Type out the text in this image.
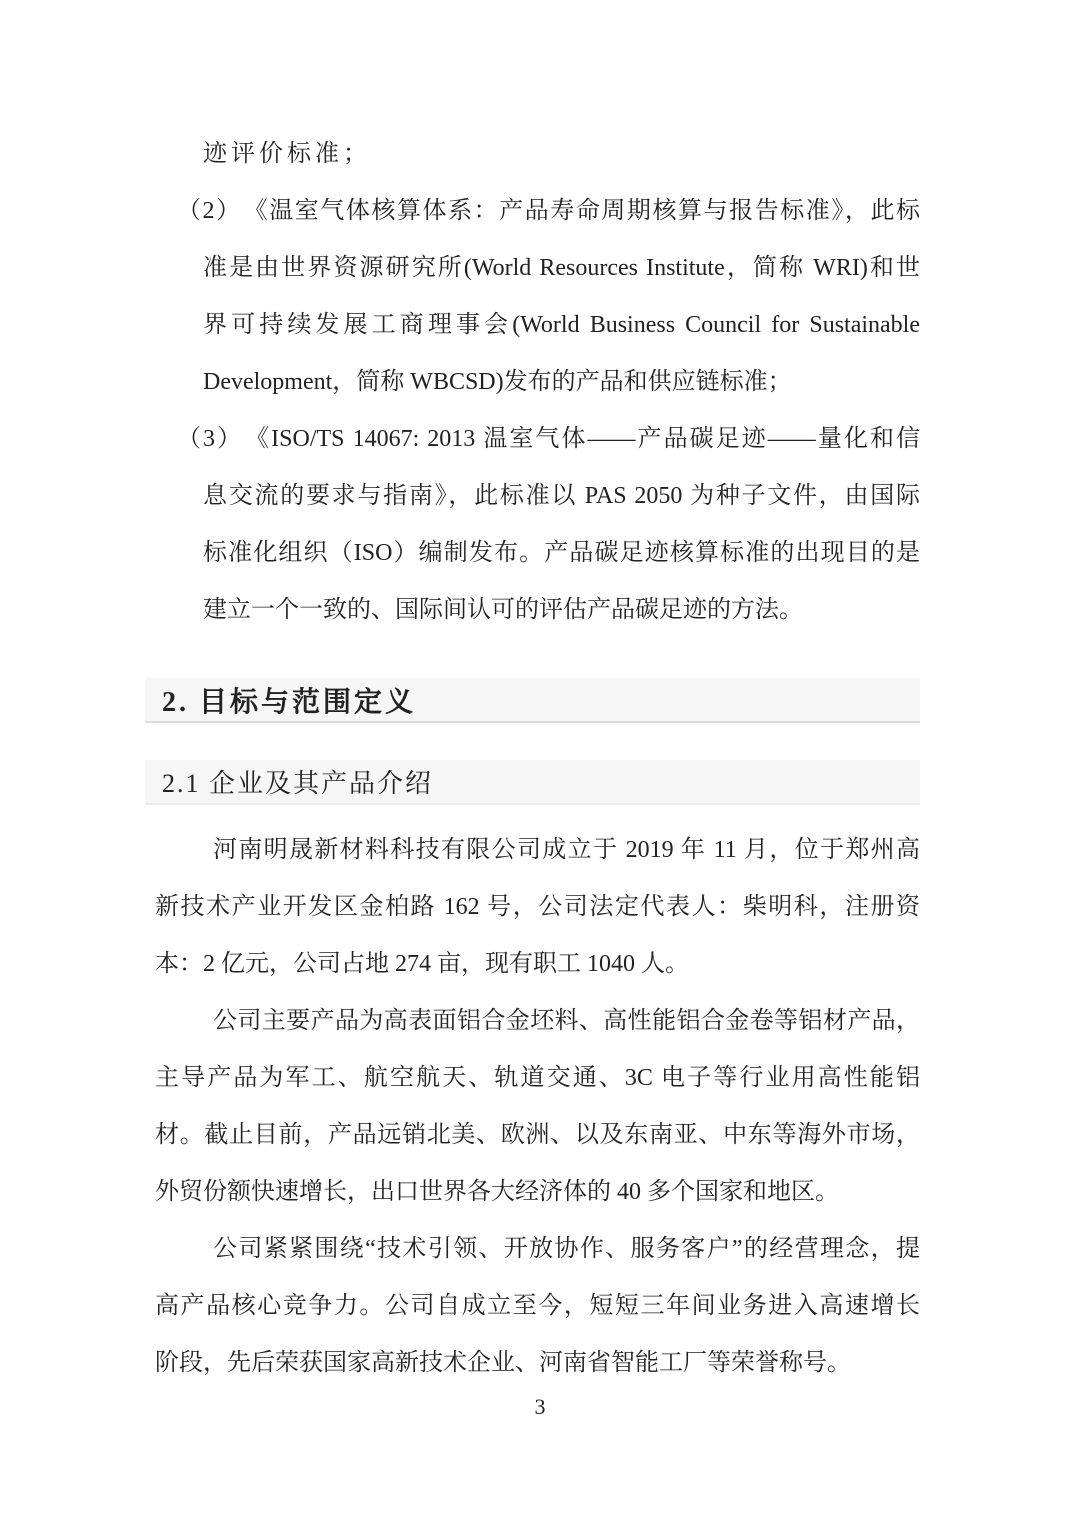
迹评价标准；
（2） 《温室气体核算体系：产品寿命周期核算与报告标准》，此标
准是由世界资源研究所(World Resources Institute，简称 WRI)和世
界可持续发展工商理事会(World Business Council for Sustainable
Development，简称 WBCSD)发布的产品和供应链标准；
（3） 《ISO/TS 14067: 2013 温室气体——产品碳足迹——量化和信
息交流的要求与指南》，此标准以 PAS 2050 为种子文件，由国际
标准化组织（ISO）编制发布。产品碳足迹核算标准的出现目的是
建立一个一致的、国际间认可的评估产品碳足迹的方法。
2. 目标与范围定义
2.1 企业及其产品介绍
河南明晟新材料科技有限公司成立于 2019 年 11 月，位于郑州高
新技术产业开发区金柏路 162 号，公司法定代表人：柴明科，注册资
本：2 亿元，公司占地 274 亩，现有职工 1040 人。
公司主要产品为高表面铝合金坯料、高性能铝合金卷等铝材产品，
主导产品为军工、航空航天、轨道交通、3C 电子等行业用高性能铝
材。截止目前，产品远销北美、欧洲、以及东南亚、中东等海外市场，
外贸份额快速增长，出口世界各大经济体的 40 多个国家和地区。
公司紧紧围绕“技术引领、开放协作、服务客户”的经营理念，提
高产品核心竞争力。公司自成立至今，短短三年间业务进入高速增长
阶段，先后荣获国家高新技术企业、河南省智能工厂等荣誉称号。
3
